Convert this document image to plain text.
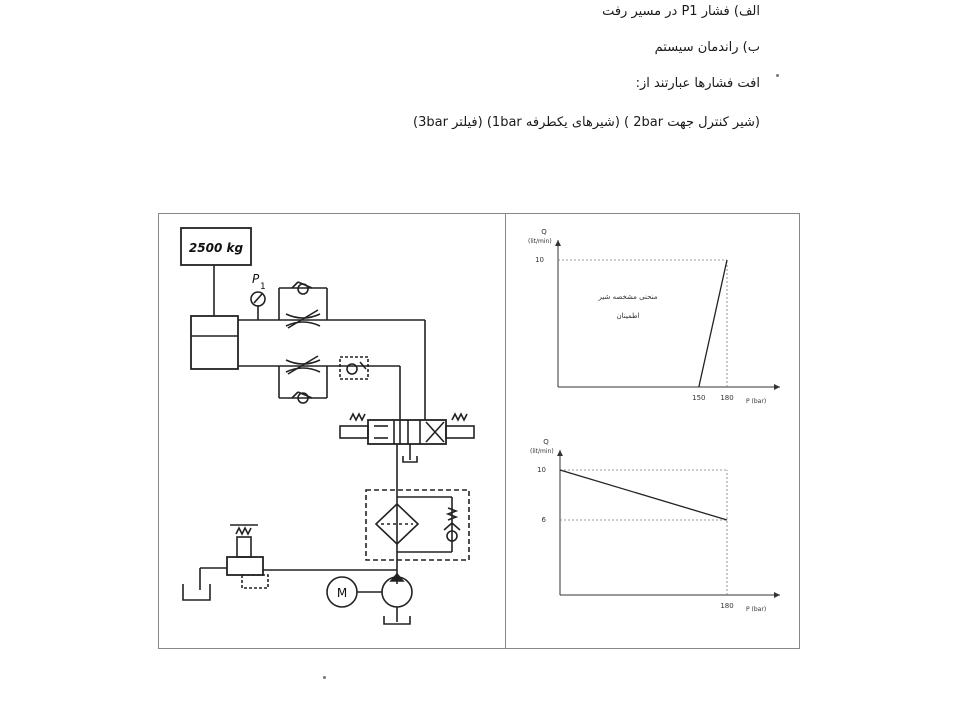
الف) فشار P1 در مسیر رفت
ب) راندمان سیستم
افت فشارها عبارتند از:
(شیر کنترل جهت 2bar ) (شیرهای یکطرفه 1bar) (فیلتر 3bar)
2500 kg
P
1
M
Q
(lit/min)
P (bar)
10
150 180
منحنی مشخصه شیر
اطمینان
Q
(lit/min)
P (bar)
10
6
180
